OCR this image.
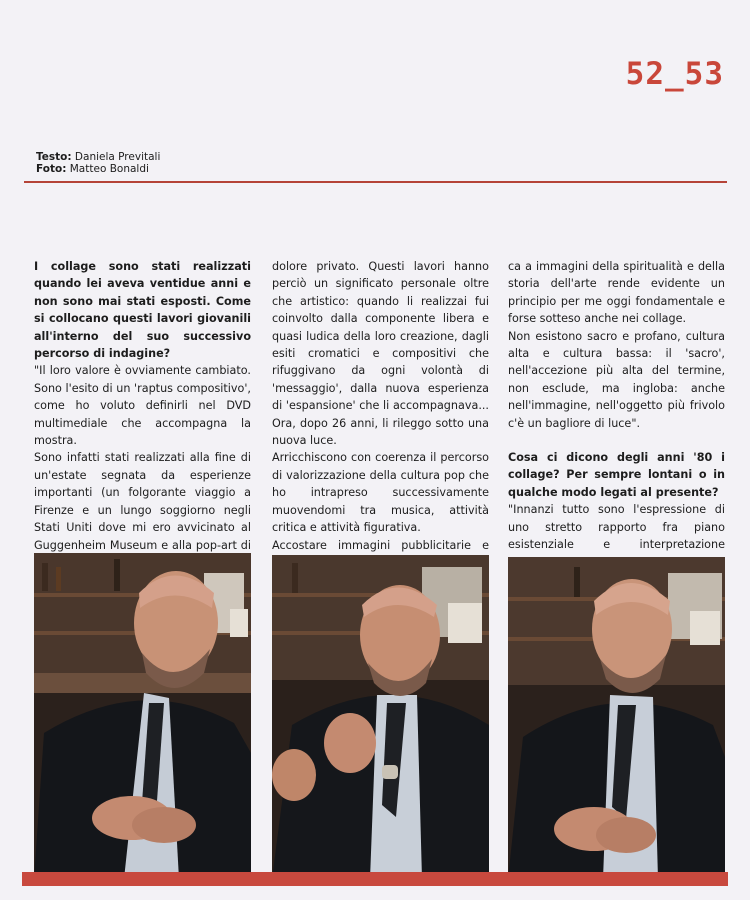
52_53
Testo: Daniela Previtali
Foto: Matteo Bonaldi

I collage sono stati realizzati quando lei aveva ventidue anni e non sono mai stati esposti. Come si collocano questi lavori giovanili all'interno del suo successivo percorso di indagine?

"Il loro valore è ovviamente cambiato. Sono l'esito di un 'raptus compositivo', come ho voluto definirli nel DVD multimediale che accompagna la mostra.

Sono infatti stati realizzati alla fine di un'estate segnata da esperienze importanti (un folgorante viaggio a Firenze e un lungo soggiorno negli Stati Uniti dove mi ero avvicinato al Guggenheim Museum e alla pop-art di

dolore privato. Questi lavori hanno perciò un significato personale oltre che artistico: quando li realizzai fui coinvolto dalla componente libera e quasi ludica della loro creazione, dagli esiti cromatici e compositivi che rifuggivano da ogni volontà di 'messaggio', dalla nuova esperienza di 'espansione' che li accompagnava... Ora, dopo 26 anni, li rileggo sotto una nuova luce.

Arricchiscono con coerenza il percorso di valorizzazione della cultura pop che ho intrapreso successivamente muovendomi tra musica, attività critica e attività figurativa.

Accostare immagini pubblicitarie e

ca a immagini della spiritualità e della storia dell'arte rende evidente un principio per me oggi fondamentale e forse sotteso anche nei collage.

Non esistono sacro e profano, cultura alta e cultura bassa: il 'sacro', nell'accezione più alta del termine, non esclude, ma ingloba: anche nell'immagine, nell'oggetto più frivolo c'è un bagliore di luce".

Cosa ci dicono degli anni '80 i collage? Per sempre lontani o in qualche modo legati al presente?

"Innanzi tutto sono l'espressione di uno stretto rapporto fra piano esistenziale e interpretazione
